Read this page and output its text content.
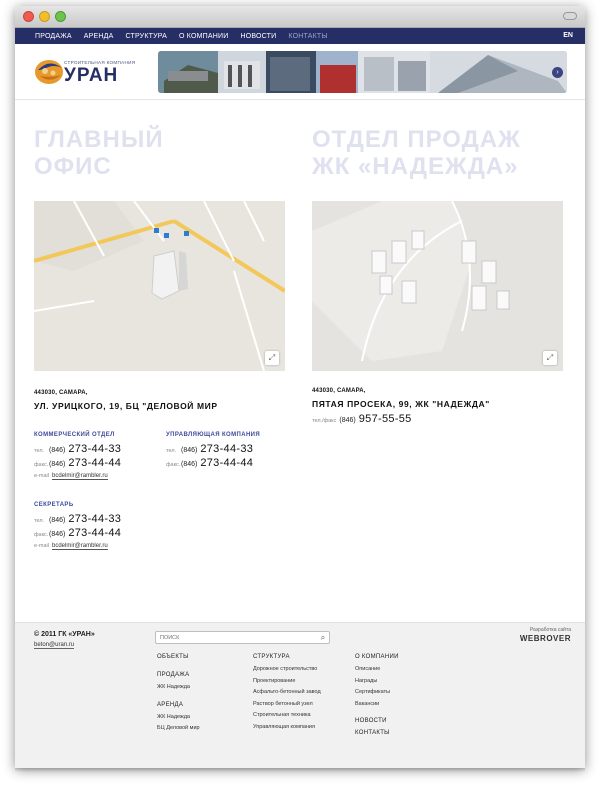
ПРОДАЖА АРЕНДА СТРУКТУРА О КОМПАНИИ НОВОСТИ КОНТАКТЫ	EN
СТРОИТЕЛЬНАЯ КОМПАНИЯ
УРАН	›
ГЛАВНЫЙ
ОФИС
ОТДЕЛ ПРОДАЖ
ЖК «НАДЕЖДА»
⤢	⤢
443030, САМАРА,
УЛ. УРИЦКОГО, 19, БЦ "ДЕЛОВОЙ МИР
КОММЕРЧЕСКИЙ ОТДЕЛ
тел. (846) 273-44-33
факс. (846) 273-44-44
e-mail bcdelmir@rambler.ru
УПРАВЛЯЮЩАЯ КОМПАНИЯ
тел. (846) 273-44-33
факс. (846) 273-44-44
СЕКРЕТАРЬ
тел. (846) 273-44-33
факс. (846) 273-44-44
e-mail bcdelmir@rambler.ru
443030, САМАРА,
ПЯТАЯ ПРОСЕКА, 99, ЖК "НАДЕЖДА"
тел./факс (846) 957-55-55
© 2011 ГК «УРАН»
beton@uran.ru
ПОИСК
⌕
Разработка сайта
WEBROVER
ОБЪЕКТЫ
ПРОДАЖА
ЖК Надежда
АРЕНДА
ЖК Надежда
БЦ Деловой мир
СТРУКТУРА
Дорожное строительство
Проектирование
Асфальто-бетонный завод
Раствор бетонный узел
Строительная техника
Управляющая компания
О КОМПАНИИ
Описание
Награды
Сертификаты
Вакансии
НОВОСТИ
КОНТАКТЫ
